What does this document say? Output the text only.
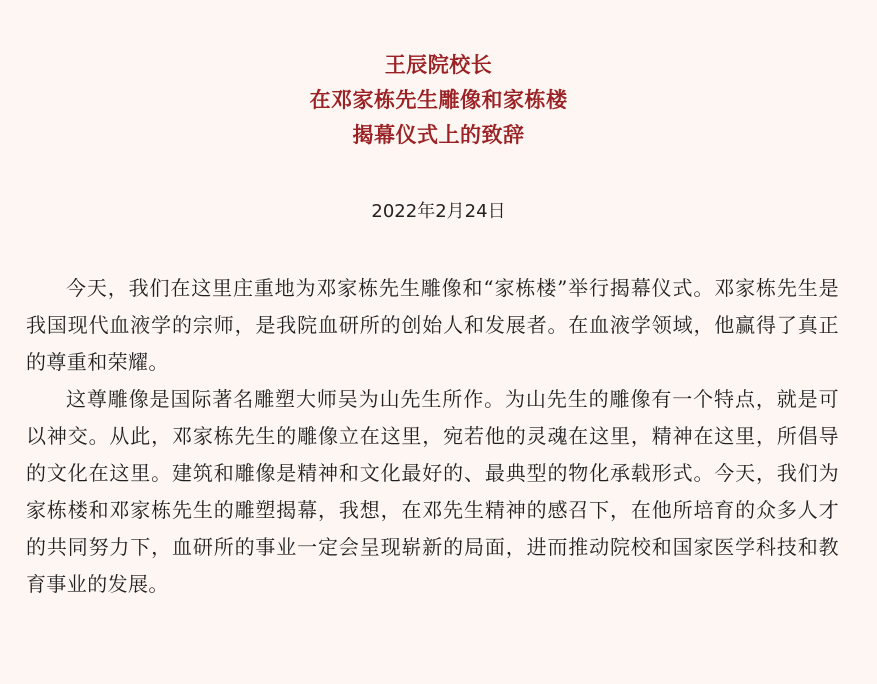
王辰院校长
在邓家栋先生雕像和家栋楼
揭幕仪式上的致辞
2022年2月24日

今天，我们在这里庄重地为邓家栋先生雕像和“家栋楼”举行揭幕仪式。邓家栋先生是我国现代血液学的宗师，是我院血研所的创始人和发展者。在血液学领域，他赢得了真正的尊重和荣耀。

这尊雕像是国际著名雕塑大师吴为山先生所作。为山先生的雕像有一个特点，就是可以神交。从此，邓家栋先生的雕像立在这里，宛若他的灵魂在这里，精神在这里，所倡导的文化在这里。建筑和雕像是精神和文化最好的、最典型的物化承载形式。今天，我们为家栋楼和邓家栋先生的雕塑揭幕，我想，在邓先生精神的感召下，在他所培育的众多人才的共同努力下，血研所的事业一定会呈现崭新的局面，进而推动院校和国家医学科技和教育事业的发展。
